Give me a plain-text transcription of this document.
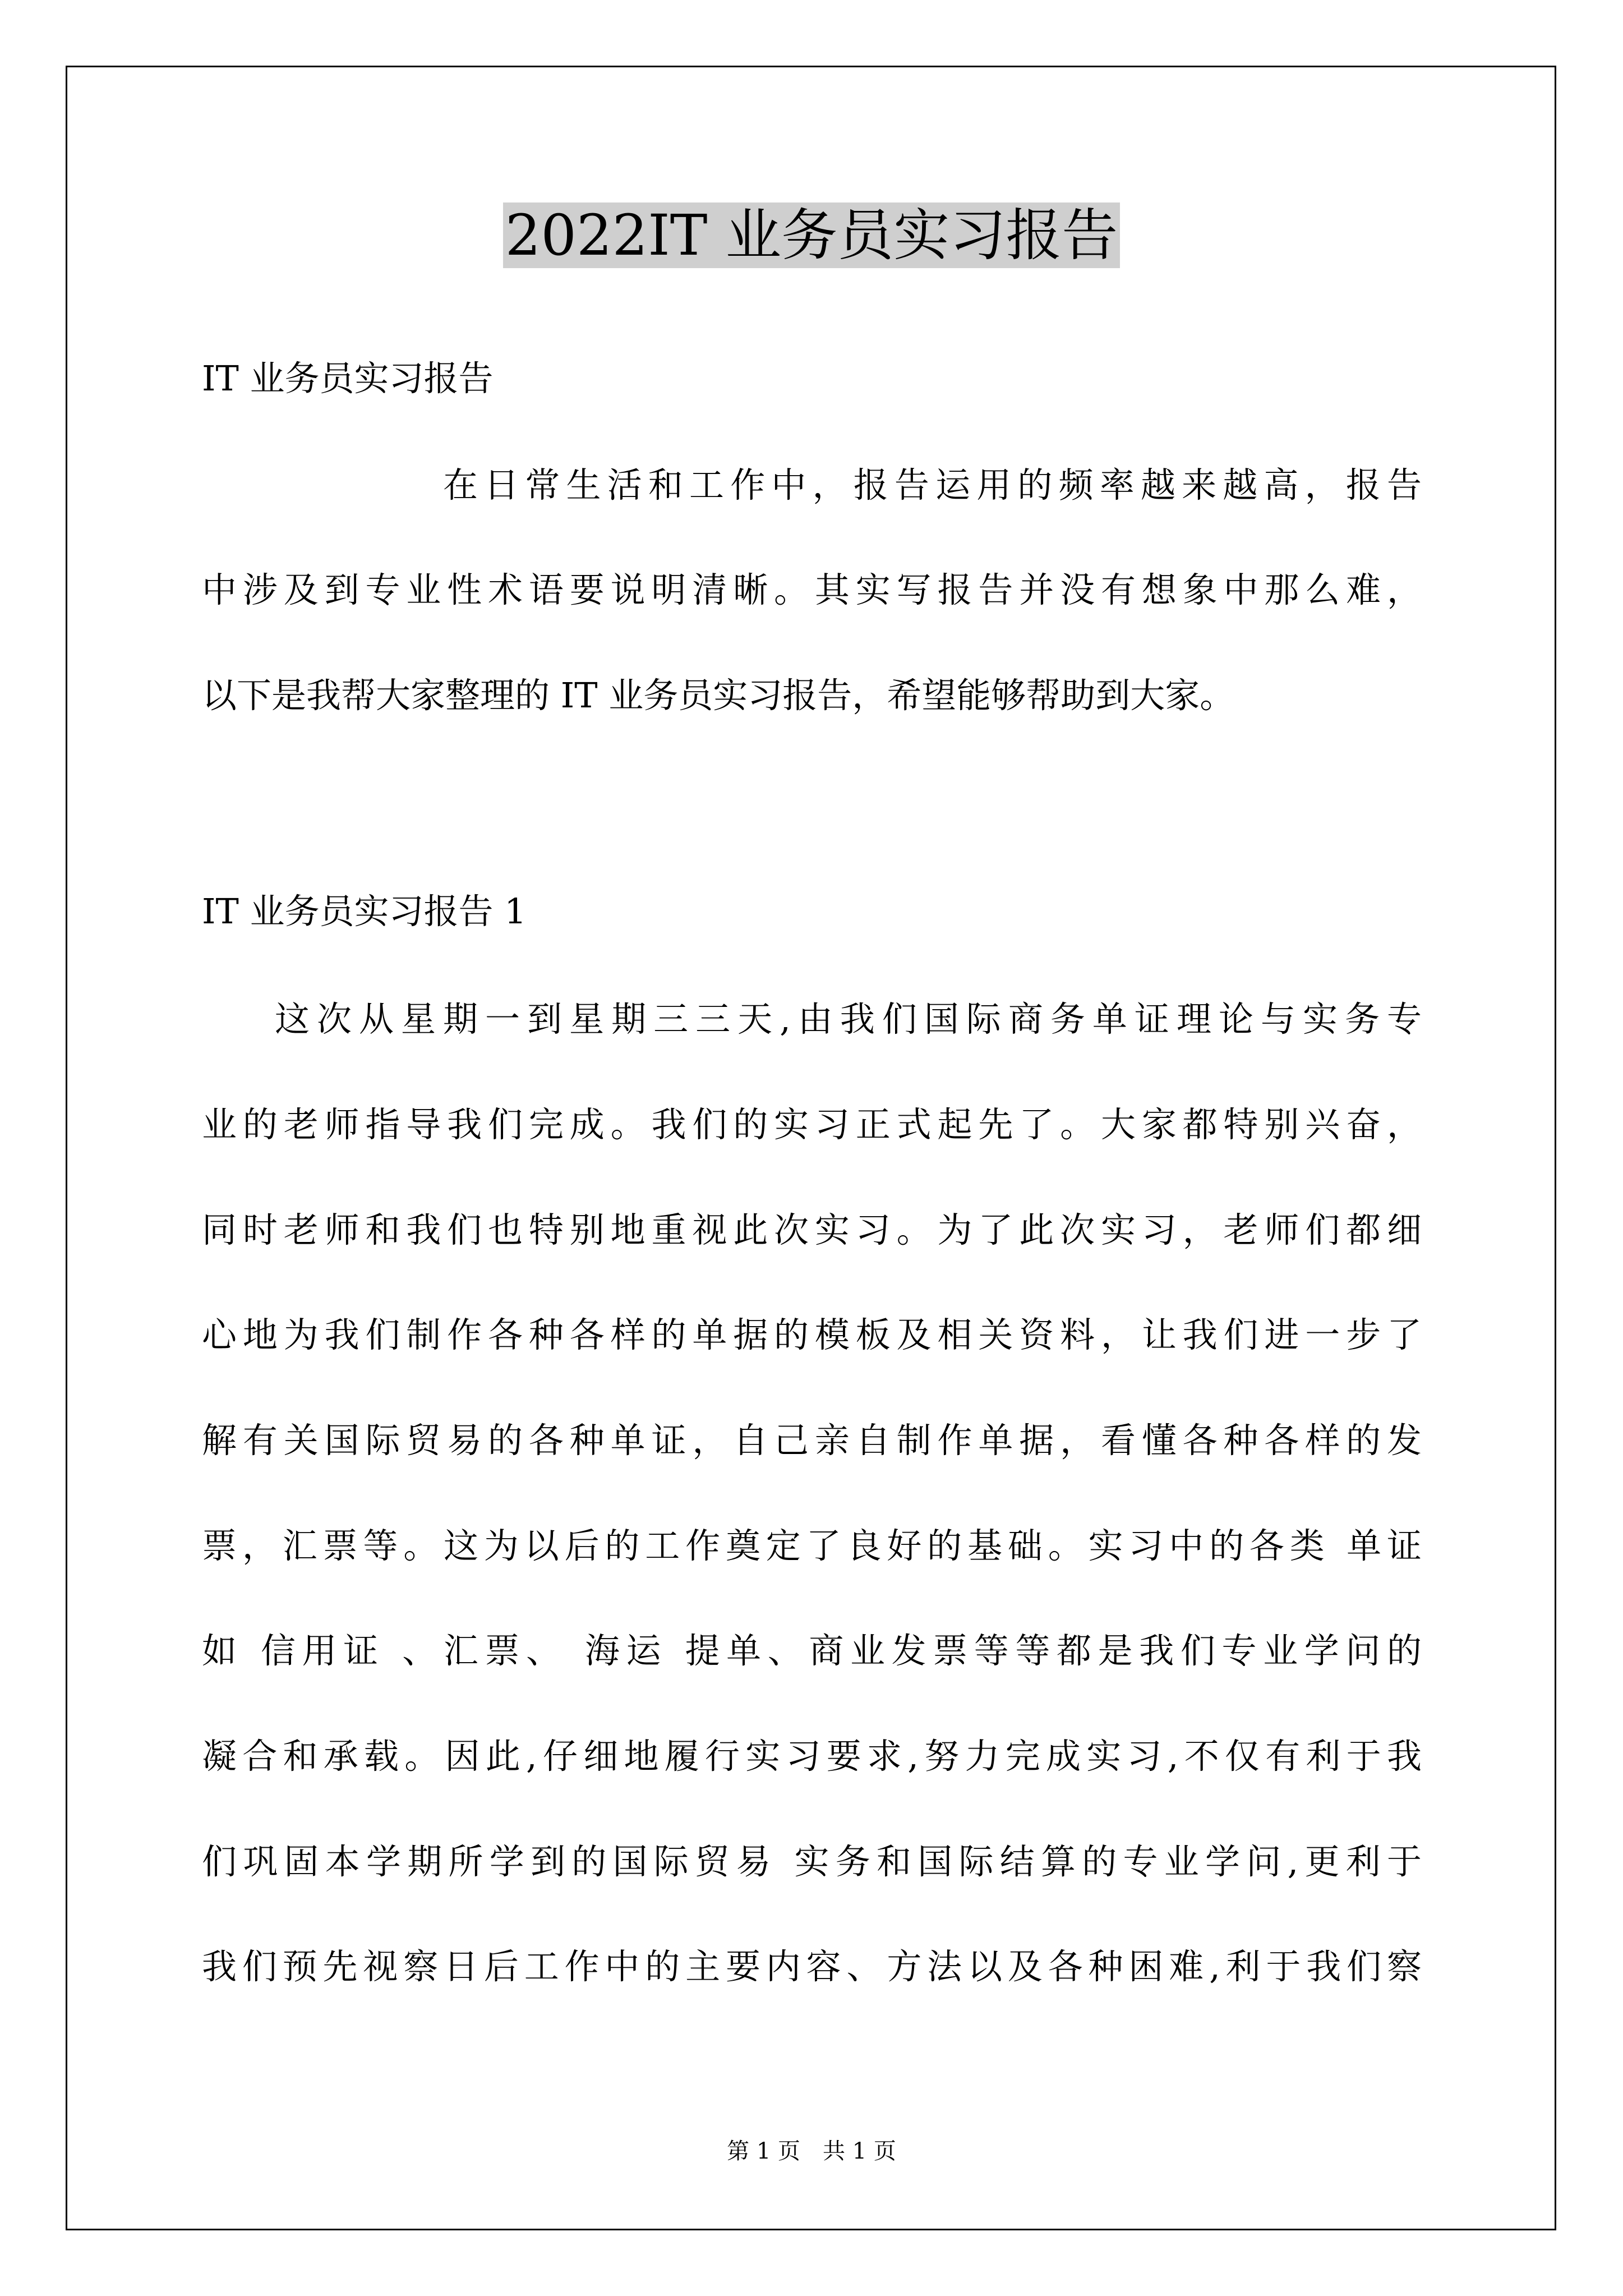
2022IT 业务员实习报告
IT 业务员实习报告
在日常生活和工作中，报告运用的频率越来越高，报告
中涉及到专业性术语要说明清晰。其实写报告并没有想象中那么难，
以下是我帮大家整理的 IT 业务员实习报告，希望能够帮助到大家。
IT 业务员实习报告 1
这次从星期一到星期三三天,由我们国际商务单证理论与实务专
业的老师指导我们完成。我们的实习正式起先了。大家都特别兴奋，
同时老师和我们也特别地重视此次实习。为了此次实习，老师们都细
心地为我们制作各种各样的单据的模板及相关资料，让我们进一步了
解有关国际贸易的各种单证，自己亲自制作单据，看懂各种各样的发
票，汇票等。这为以后的工作奠定了良好的基础。实习中的各类 单证
如 信用证 、汇票、 海运 提单、商业发票等等都是我们专业学问的
凝合和承载。因此,仔细地履行实习要求,努力完成实习,不仅有利于我
们巩固本学期所学到的国际贸易 实务和国际结算的专业学问,更利于
我们预先视察日后工作中的主要内容、方法以及各种困难,利于我们察
第 1 页　共 1 页
